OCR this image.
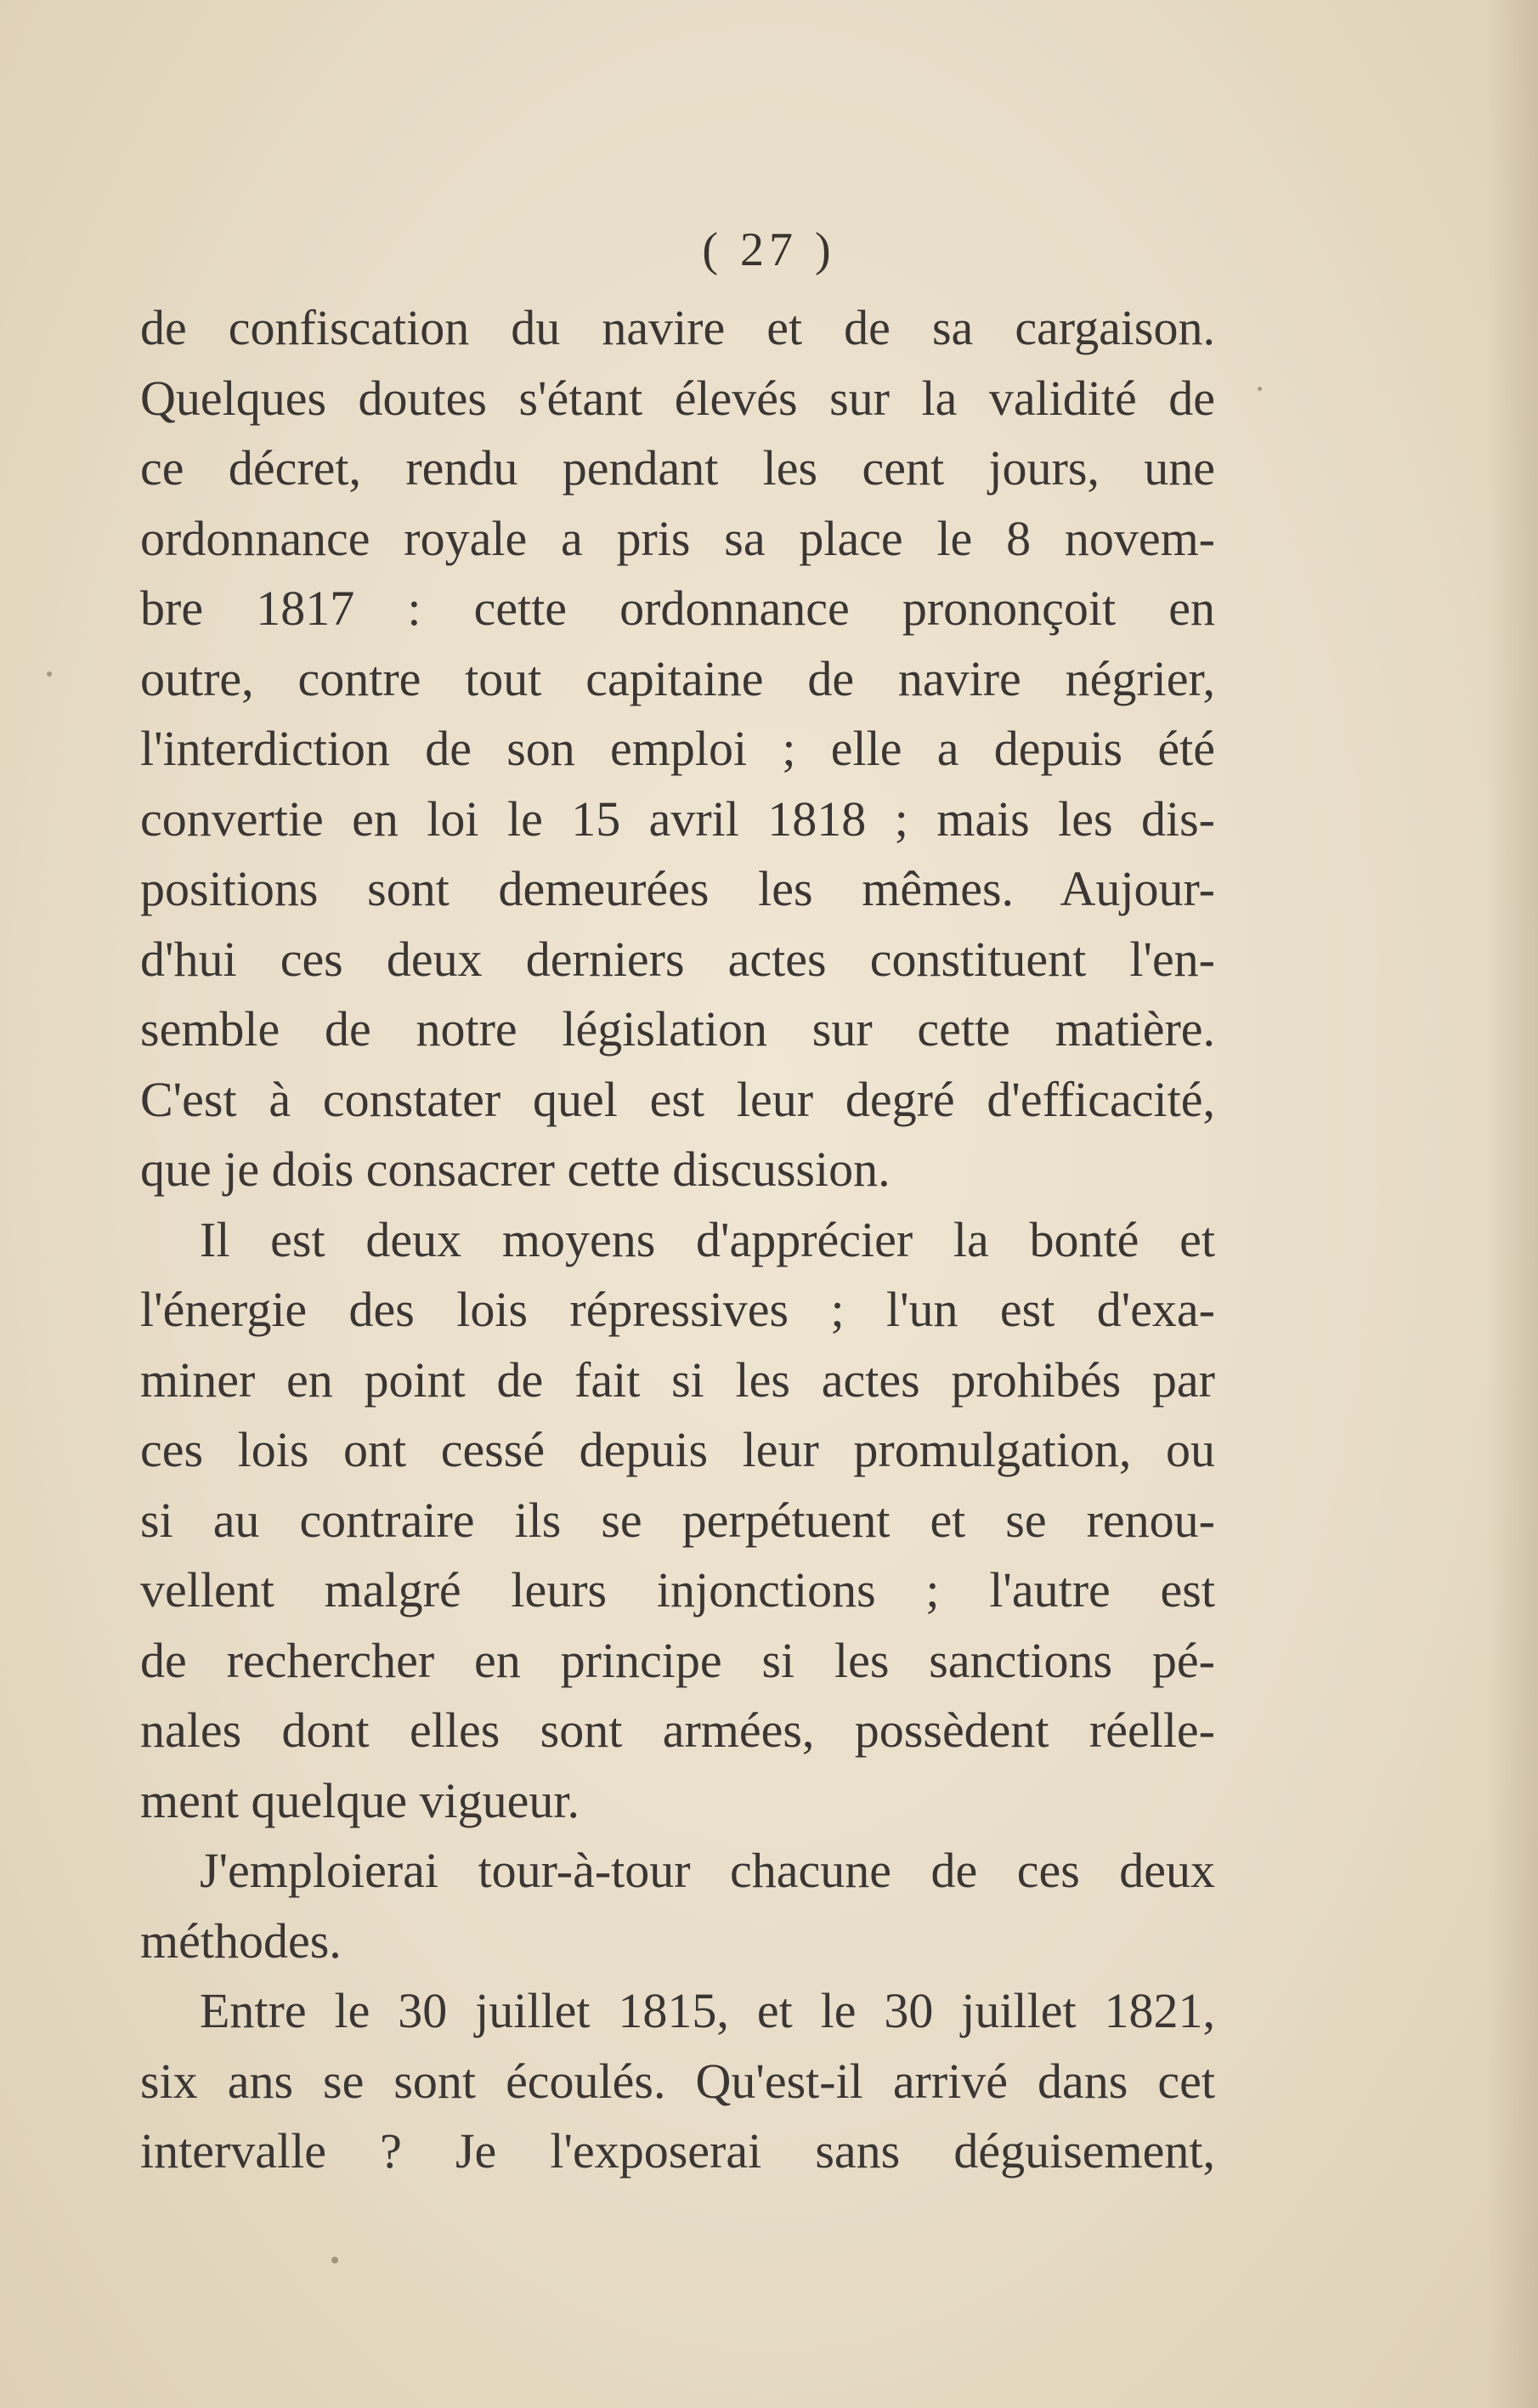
( 27 )
de confiscation du navire et de sa cargaison.
Quelques doutes s'étant élevés sur la validité de
ce décret, rendu pendant les cent jours, une
ordonnance royale a pris sa place le 8 novem-
bre 1817 : cette ordonnance prononçoit en
outre, contre tout capitaine de navire négrier,
l'interdiction de son emploi ; elle a depuis été
convertie en loi le 15 avril 1818 ; mais les dis-
positions sont demeurées les mêmes. Aujour-
d'hui ces deux derniers actes constituent l'en-
semble de notre législation sur cette matière.
C'est à constater quel est leur degré d'efficacité,
que je dois consacrer cette discussion.
Il est deux moyens d'apprécier la bonté et
l'énergie des lois répressives ; l'un est d'exa-
miner en point de fait si les actes prohibés par
ces lois ont cessé depuis leur promulgation, ou
si au contraire ils se perpétuent et se renou-
vellent malgré leurs injonctions ; l'autre est
de rechercher en principe si les sanctions pé-
nales dont elles sont armées, possèdent réelle-
ment quelque vigueur.
J'emploierai tour-à-tour chacune de ces deux
méthodes.
Entre le 30 juillet 1815, et le 30 juillet 1821,
six ans se sont écoulés. Qu'est-il arrivé dans cet
intervalle ? Je l'exposerai sans déguisement,
